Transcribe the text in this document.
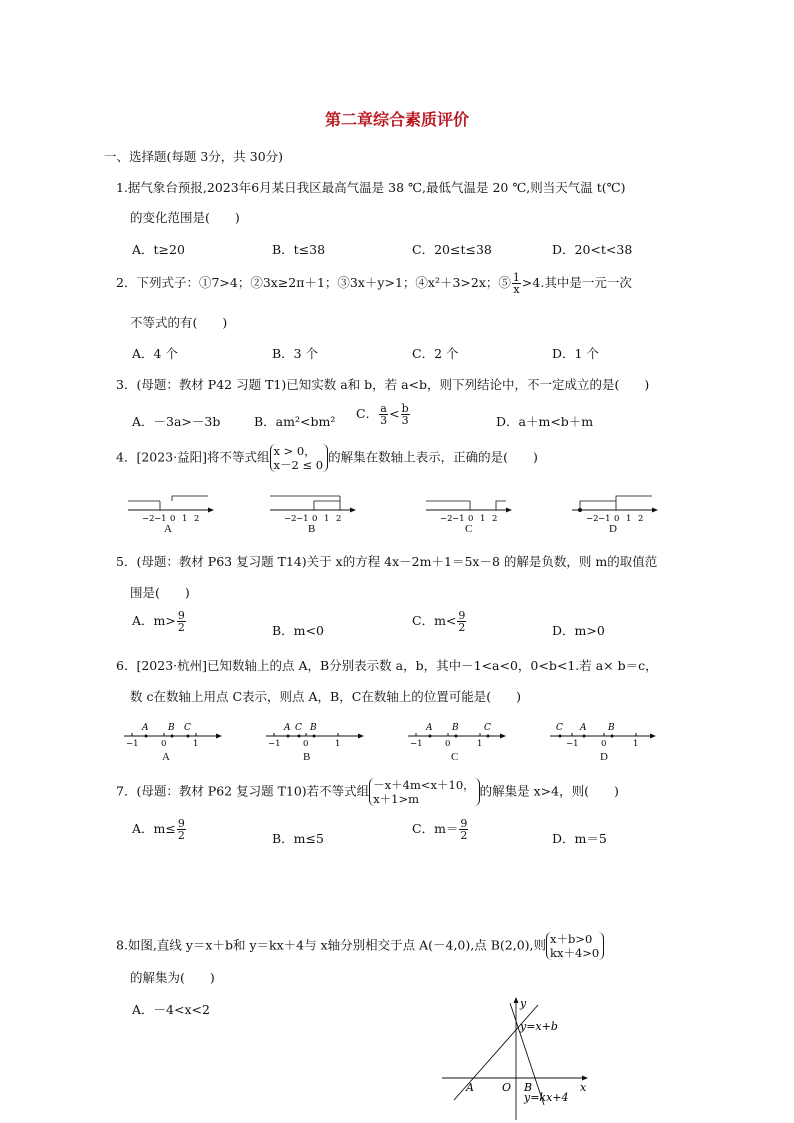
第二章综合素质评价
一、选择题(每题 3分，共 30分)
1.据气象台预报,2023年6月某日我区最高气温是 38 ℃,最低气温是 20 ℃,则当天气温 t(℃)
的变化范围是(　　)
A．t≥20	B．t≤38	C．20≤t≤38	D．20<t<38
2．下列式子：①7>4；②3x≥2π＋1；③3x＋y>1；④x²＋3>2x；⑤ $\frac{1}{x} >4$.其中是一元一次
不等式的有(　　)
A．4 个	B．3 个	C．2 个	D．1 个
3．(母题：教材 P42 习题 T1)已知实数 a和 b，若 a<b，则下列结论中，不一定成立的是(　　)
A．－3a>－3b	B．am²<bm²
C． $\frac{a}{3} < \frac{b}{3}$	D．a＋m<b＋m
4．[2023·益阳]将不等式组 x > 0，
x－2 ≤ 0
的解集在数轴上表示，正确的是(　　)
−2 −1 0 1 2	−2 −1 0 1 2	−2 −1 0 1 2	−2 −1 0 1 2
A	B	C	D
5．(母题：教材 P63 复习题 T14)关于 x的方程 4x－2m＋1＝5x－8 的解是负数，则 m的取值范
围是(　　)
A．$m> \frac{9}{2}$	B．m<0
C．$m< \frac{9}{2}$	D．m>0
6．[2023·杭州]已知数轴上的点 A，B分别表示数 a，b，其中－1<a<0，0<b<1.若 a× b＝c，
数 c在数轴上用点 C表示，则点 A，B，C在数轴上的位置可能是(　　)
A B C
−1	0	1
A C B
−1	0	1
A B	C
−1	0	1
C A B
−1	0	1
A	B	C	D
7．(母题：教材 P62 复习题 T10)若不等式组 －x＋4m<x＋10，
x＋1>m
的解集是 x>4，则(　　)
A．$m\le \frac{9}{2}$	B．m≤5
C．$m= \frac{9}{2}$	D．m＝5
8.如图,直线 y＝x＋b和 y＝kx＋4与 x轴分别相交于点 A(－4,0),点 B(2,0),则 x＋b>0
kx＋4>0
的解集为(　　)
A．－4<x<2	y
x
O
A	B
y=x+b
y=kx+4
